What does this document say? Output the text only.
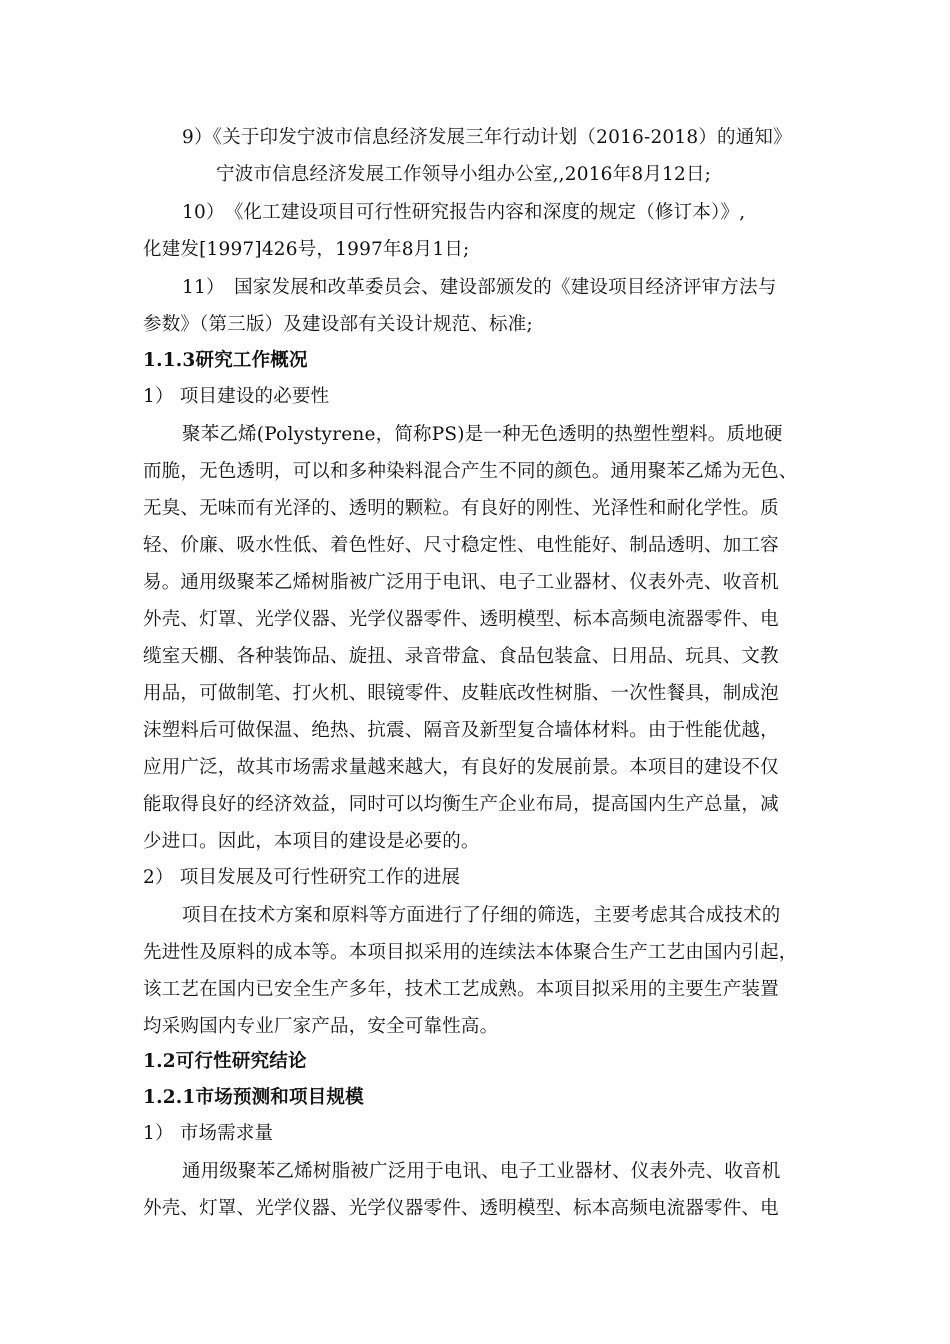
9）《关于印发宁波市信息经济发展三年行动计划（2016-2018）的通知》
宁波市信息经济发展工作领导小组办公室,,2016年8月12日;
10）　《化工建设项目可行性研究报告内容和深度的规定（修订本）》,
化建发[1997]426号，1997年8月1日;
11）　国家发展和改革委员会、建设部颁发的《建设项目经济评审方法与
参数》（第三版）及建设部有关设计规范、标准;
1.1.3研究工作概况
1） 项目建设的必要性
聚苯乙烯(Polystyrene，简称PS)是一种无色透明的热塑性塑料。质地硬
而脆，无色透明，可以和多种染料混合产生不同的颜色。通用聚苯乙烯为无色、
无臭、无味而有光泽的、透明的颗粒。有良好的刚性、光泽性和耐化学性。质
轻、价廉、吸水性低、着色性好、尺寸稳定性、电性能好、制品透明、加工容
易。通用级聚苯乙烯树脂被广泛用于电讯、电子工业器材、仪表外壳、收音机
外壳、灯罩、光学仪器、光学仪器零件、透明模型、标本高频电流器零件、电
缆室天棚、各种装饰品、旋扭、录音带盒、食品包装盒、日用品、玩具、文教
用品，可做制笔、打火机、眼镜零件、皮鞋底改性树脂、一次性餐具，制成泡
沫塑料后可做保温、绝热、抗震、隔音及新型复合墙体材料。由于性能优越，
应用广泛，故其市场需求量越来越大，有良好的发展前景。本项目的建设不仅
能取得良好的经济效益，同时可以均衡生产企业布局，提高国内生产总量，减
少进口。因此，本项目的建设是必要的。
2） 项目发展及可行性研究工作的进展
项目在技术方案和原料等方面进行了仔细的筛选，主要考虑其合成技术的
先进性及原料的成本等。本项目拟采用的连续法本体聚合生产工艺由国内引起，
该工艺在国内已安全生产多年，技术工艺成熟。本项目拟采用的主要生产装置
均采购国内专业厂家产品，安全可靠性高。
1.2可行性研究结论
1.2.1市场预测和项目规模
1） 市场需求量
通用级聚苯乙烯树脂被广泛用于电讯、电子工业器材、仪表外壳、收音机
外壳、灯罩、光学仪器、光学仪器零件、透明模型、标本高频电流器零件、电
